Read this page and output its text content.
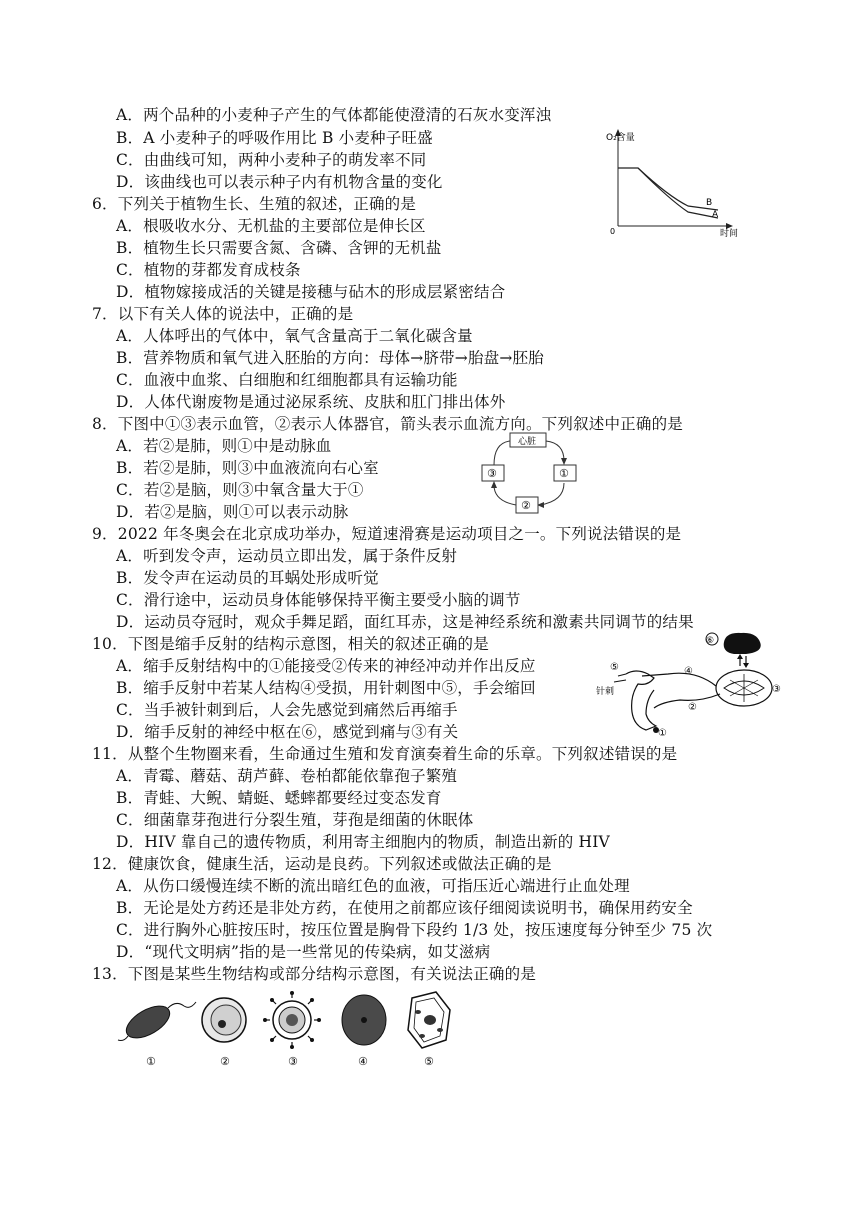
A．两个品种的小麦种子产生的气体都能使澄清的石灰水变浑浊
B．A 小麦种子的呼吸作用比 B 小麦种子旺盛
C．由曲线可知，两种小麦种子的萌发率不同
D．该曲线也可以表示种子内有机物含量的变化
O₂含量
0	时间
B
A
6．下列关于植物生长、生殖的叙述，正确的是
A．根吸收水分、无机盐的主要部位是伸长区
B．植物生长只需要含氮、含磷、含钾的无机盐
C．植物的芽都发育成枝条
D．植物嫁接成活的关键是接穗与砧木的形成层紧密结合
7．以下有关人体的说法中，正确的是
A．人体呼出的气体中，氧气含量高于二氧化碳含量
B．营养物质和氧气进入胚胎的方向：母体→脐带→胎盘→胚胎
C．血液中血浆、白细胞和红细胞都具有运输功能
D．人体代谢废物是通过泌尿系统、皮肤和肛门排出体外
8．下图中①③表示血管，②表示人体器官，箭头表示血流方向。下列叙述中正确的是
A．若②是肺，则①中是动脉血
B．若②是肺，则③中血液流向右心室
C．若②是脑，则③中氧含量大于①
D．若②是脑，则①可以表示动脉
心脏
③	①
②
9．2022 年冬奥会在北京成功举办，短道速滑赛是运动项目之一。下列说法错误的是
A．听到发令声，运动员立即出发，属于条件反射
B．发令声在运动员的耳蜗处形成听觉
C．滑行途中，运动员身体能够保持平衡主要受小脑的调节
D．运动员夺冠时，观众手舞足蹈，面红耳赤，这是神经系统和激素共同调节的结果
10．下图是缩手反射的结构示意图，相关的叙述正确的是
A．缩手反射结构中的①能接受②传来的神经冲动并作出反应
B．缩手反射中若某人结构④受损，用针刺图中⑤，手会缩回
C．当手被针刺到后，人会先感觉到痛然后再缩手
D．缩手反射的神经中枢在⑥，感觉到痛与③有关
⑥
③
④
②
①
⑤
针刺
11．从整个生物圈来看，生命通过生殖和发育演奏着生命的乐章。下列叙述错误的是
A．青霉、蘑菇、葫芦藓、卷柏都能依靠孢子繁殖
B．青蛙、大鲵、蜻蜓、蟋蟀都要经过变态发育
C．细菌靠芽孢进行分裂生殖，芽孢是细菌的休眠体
D．HIV 靠自己的遗传物质，利用寄主细胞内的物质，制造出新的 HIV
12．健康饮食，健康生活，运动是良药。下列叙述或做法正确的是
A．从伤口缓慢连续不断的流出暗红色的血液，可指压近心端进行止血处理
B．无论是处方药还是非处方药，在使用之前都应该仔细阅读说明书，确保用药安全
C．进行胸外心脏按压时，按压位置是胸骨下段约 1/3 处，按压速度每分钟至少 75 次
D．“现代文明病”指的是一些常见的传染病，如艾滋病
13．下图是某些生物结构或部分结构示意图，有关说法正确的是
①	②	③	④	⑤
